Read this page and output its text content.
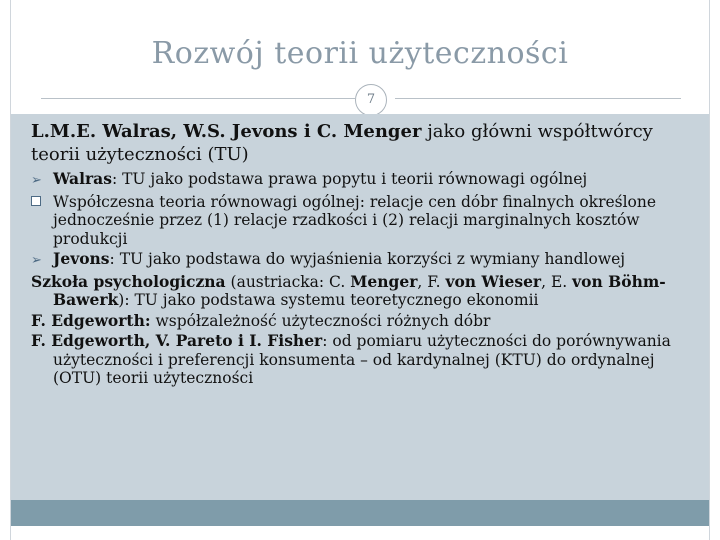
Rozwój teorii użyteczności
7

L.M.E. Walras, W.S. Jevons i C. Menger jako główni współtwórcy teorii użyteczności (TU)

➢ Walras: TU jako podstawa prawa popytu i teorii równowagi ogólnej

Współczesna teoria równowagi ogólnej: relacje cen dóbr finalnych określone jednocześnie przez (1) relacje rzadkości i (2) relacji marginalnych kosztów produkcji

➢ Jevons: TU jako podstawa do wyjaśnienia korzyści z wymiany handlowej

Szkoła psychologiczna (austriacka: C. Menger, F. von Wieser, E. von Böhm-Bawerk): TU jako podstawa systemu teoretycznego ekonomii

F. Edgeworth: współzależność użyteczności różnych dóbr

F. Edgeworth, V. Pareto i I. Fisher: od pomiaru użyteczności do porównywania użyteczności i preferencji konsumenta – od kardynalnej (KTU) do ordynalnej (OTU) teorii użyteczności
